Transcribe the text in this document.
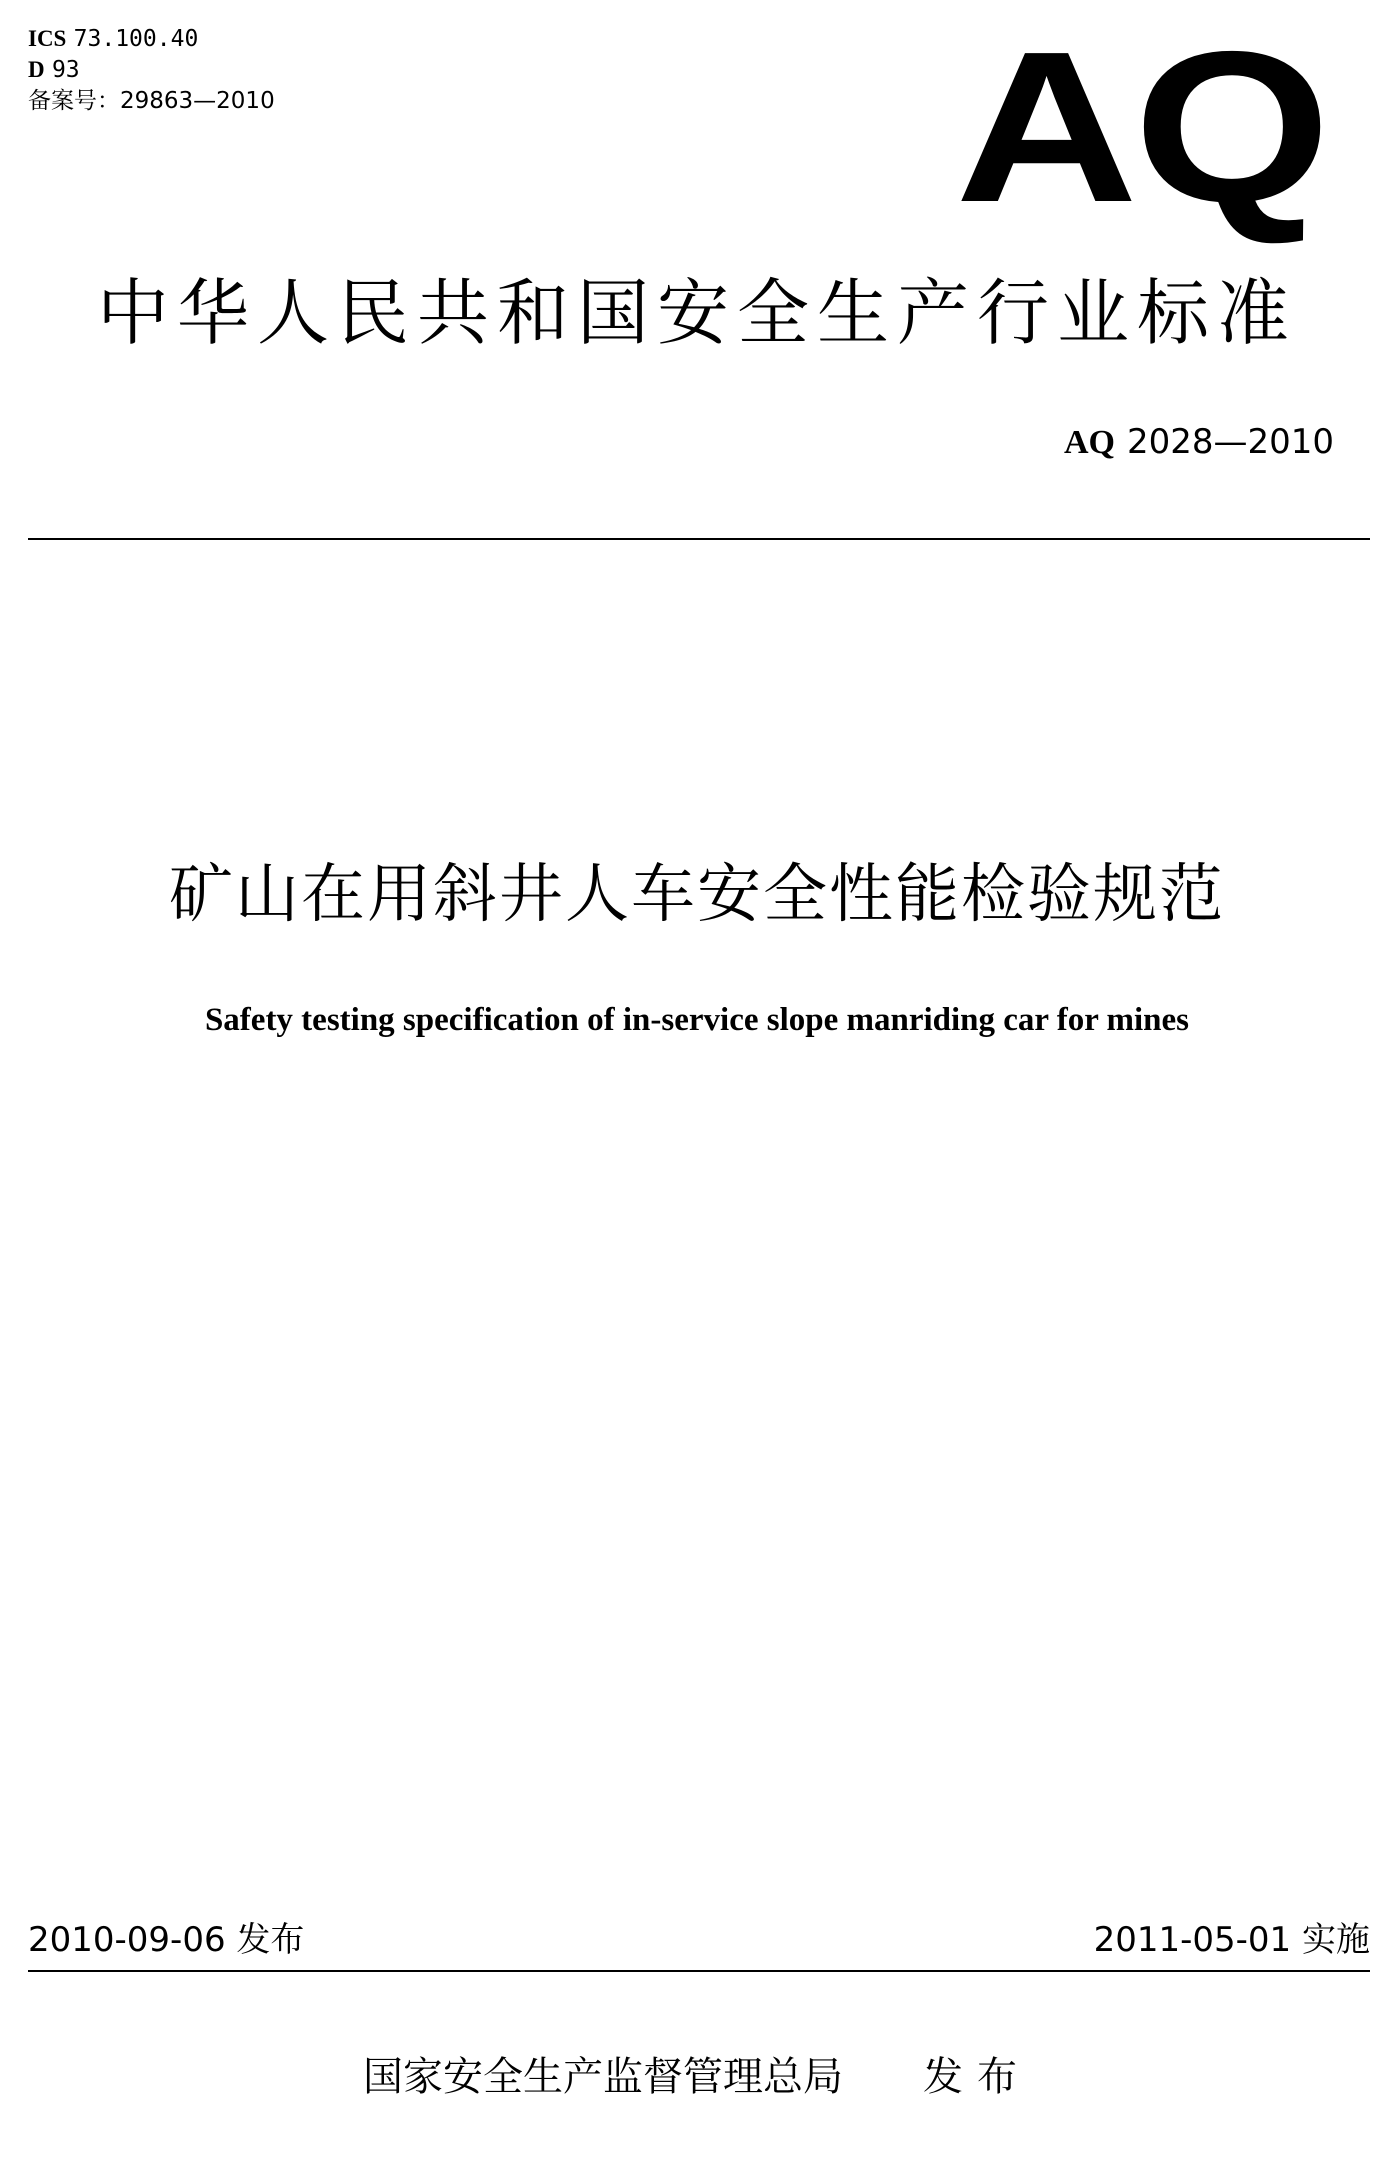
ICS 73.100.40
D 93
备案号：29863—2010	AQ
中华人民共和国安全生产行业标准
AQ 2028—2010
矿山在用斜井人车安全性能检验规范
Safety testing specification of in-service slope manriding car for mines
2010-09-06 发布	2011-05-01 实施
国家安全生产监督管理总局 发布
